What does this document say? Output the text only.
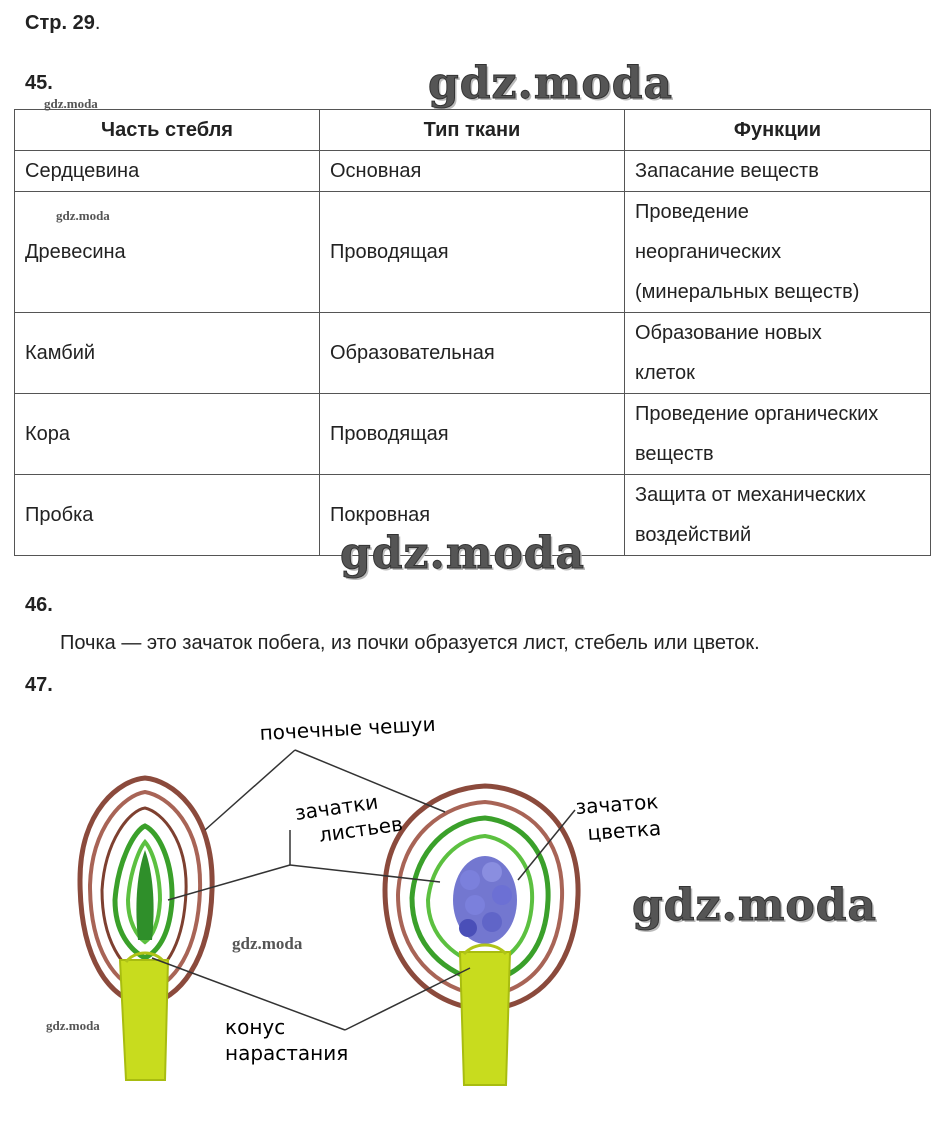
Стр. 29.
45.	gdz.moda
gdz.moda
Часть стебля	Тип ткани	Функции
Сердцевина	Основная	Запасание веществ

Древесина	Проводящая	Проведение
неорганических
(минеральных веществ)

Камбий	Образовательная	Образование новых
клеток

Кора	Проводящая	Проведение органических
веществ

Пробка	Покровная	Защита от механических
воздействий
gdz.moda
gdz.moda
46.
Почка — это зачаток побега, из почки образуется лист, стебель или цветок.
47.
почечные чешуи
зачатки
листьев
зачаток
цветка
конус
нарастания
gdz.moda
gdz.moda
gdz.moda
